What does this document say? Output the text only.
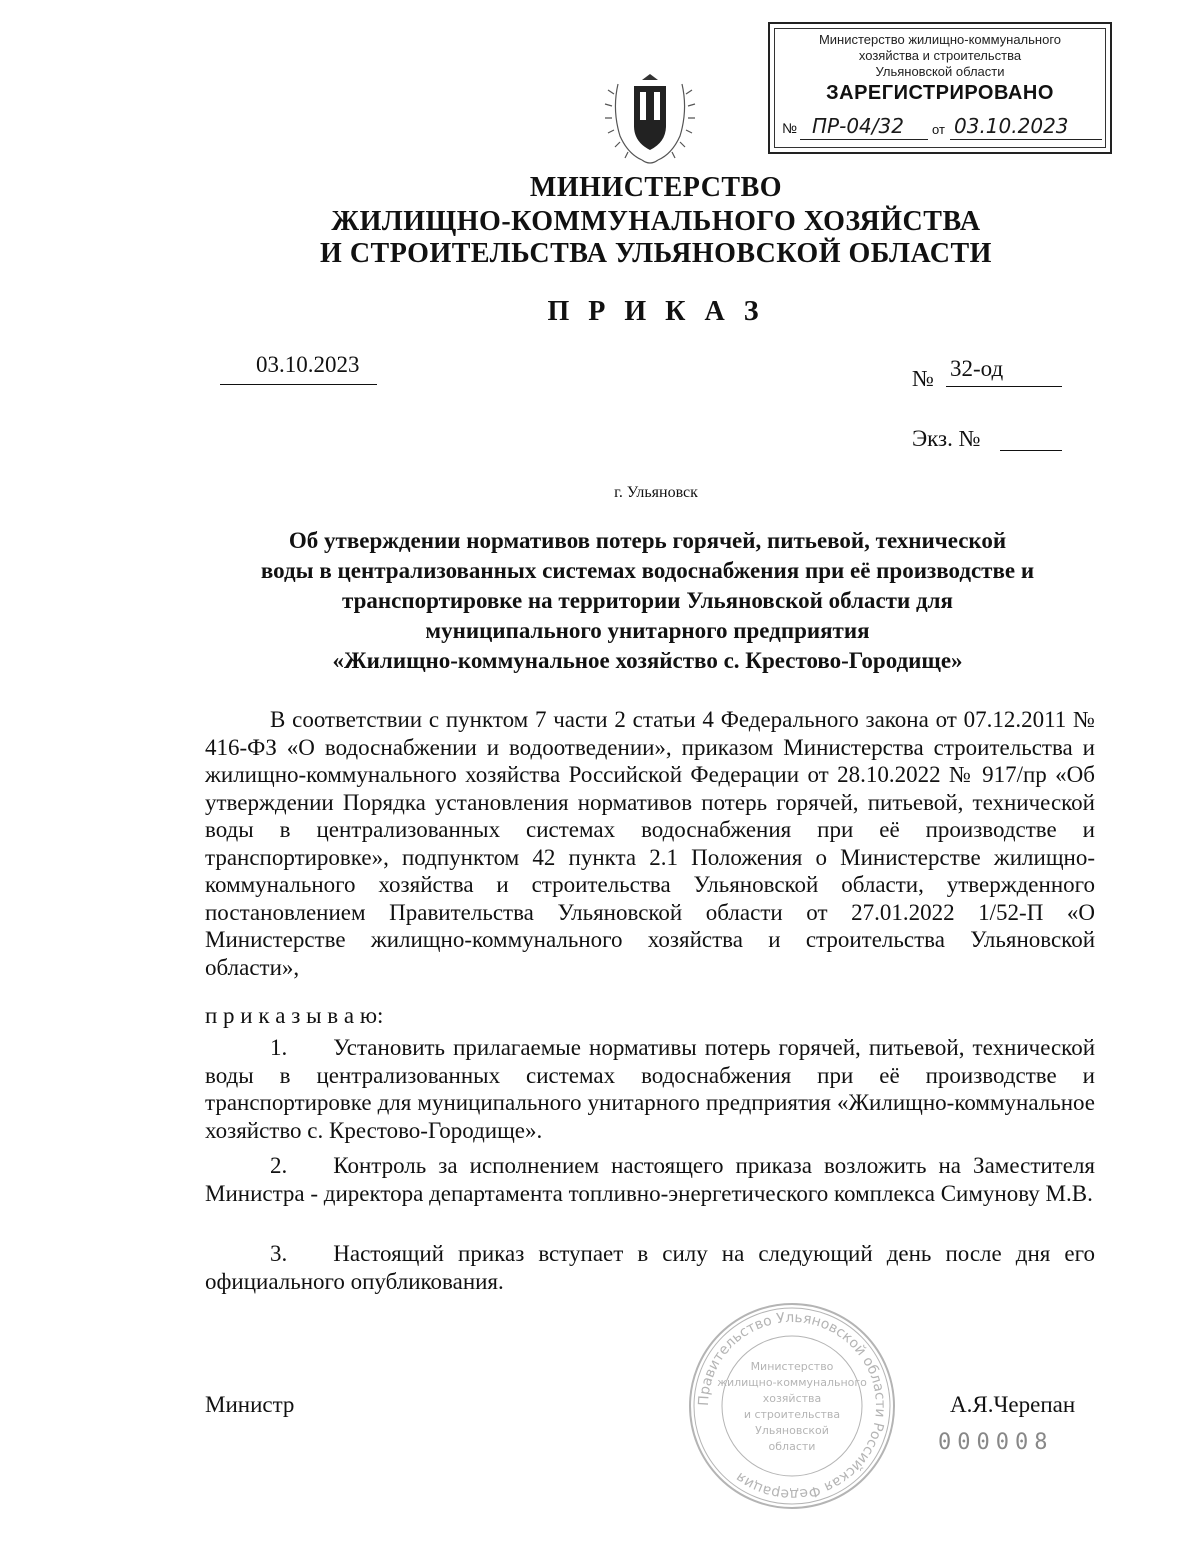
Министерство жилищно-коммунального
хозяйства и строительства
Ульяновской области
ЗАРЕГИСТРИРОВАНО
№ ПР-04/32 от 03.10.2023
МИНИСТЕРСТВО
ЖИЛИЩНО-КОММУНАЛЬНОГО ХОЗЯЙСТВА
И СТРОИТЕЛЬСТВА УЛЬЯНОВСКОЙ ОБЛАСТИ
П Р И К А З
03.10.2023
№ 32-од
Экз. №
г. Ульяновск
Об утверждении нормативов потерь горячей, питьевой, технической
воды в централизованных системах водоснабжения при её производстве и
транспортировке на территории Ульяновской области для
муниципального унитарного предприятия
«Жилищно-коммунальное хозяйство с. Крестово-Городище»
В соответствии с пунктом 7 части 2 статьи 4 Федерального закона от 07.12.2011 № 416-ФЗ «О водоснабжении и водоотведении», приказом Министерства строительства и жилищно-коммунального хозяйства Российской Федерации от 28.10.2022 № 917/пр «Об утверждении Порядка установления нормативов потерь горячей, питьевой, технической воды в централизованных системах водоснабжения при её производстве и транспортировке», подпунктом 42 пункта 2.1 Положения о Министерстве жилищно-коммунального хозяйства и строительства Ульяновской области, утвержденного постановлением Правительства Ульяновской области от 27.01.2022 1/52-П «О Министерстве жилищно-коммунального хозяйства и строительства Ульяновской области»,
п р и к а з ы в а ю:
1. Установить прилагаемые нормативы потерь горячей, питьевой, технической воды в централизованных системах водоснабжения при её производстве и транспортировке для муниципального унитарного предприятия «Жилищно-коммунальное хозяйство с. Крестово-Городище».
2. Контроль за исполнением настоящего приказа возложить на Заместителя Министра - директора департамента топливно-энергетического комплекса Симунову М.В.
3. Настоящий приказ вступает в силу на следующий день после дня его официального опубликования.
Министр	А.Я.Черепан
Правительство Ульяновской области Российская Федерация
Министерство
жилищно-коммунального
хозяйства
и строительства
Ульяновской
области	000008
